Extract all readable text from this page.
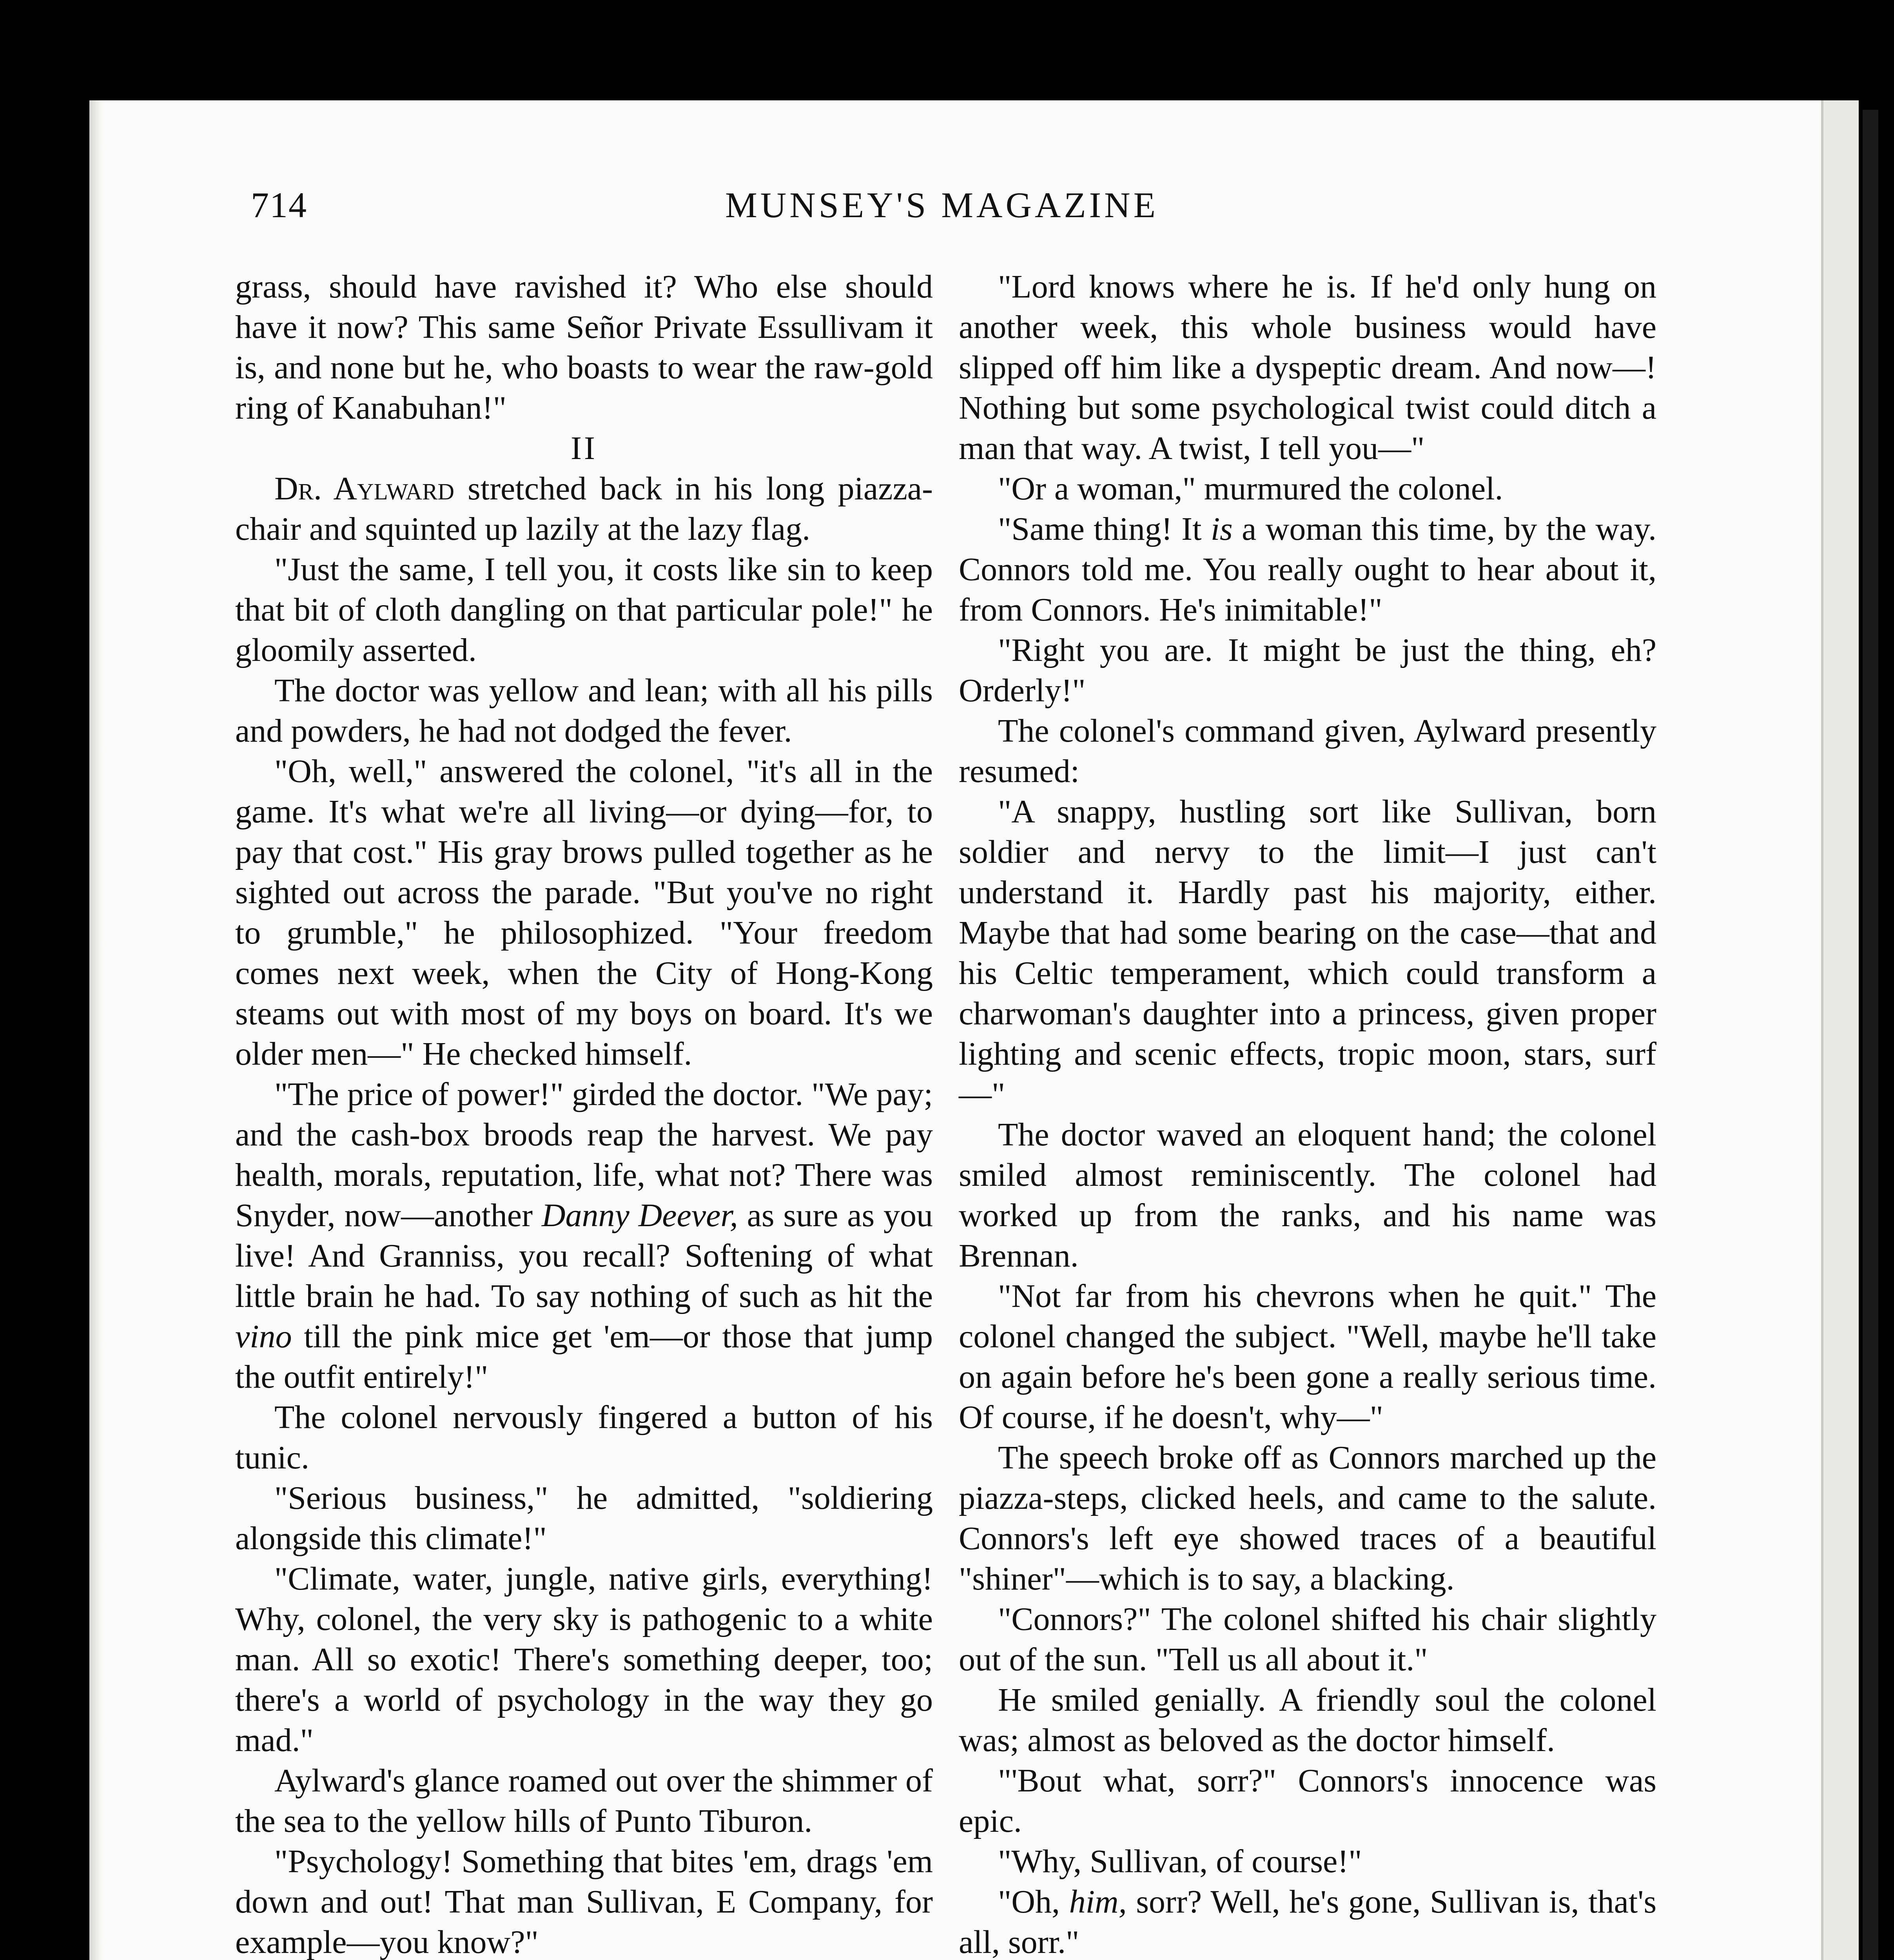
714	MUNSEY'S MAGAZINE

grass, should have ravished it? Who else should have it now? This same Señor Private Essullivam it is, and none but he, who boasts to wear the raw-gold ring of Kanabuhan!"

II

Dr. Aylward stretched back in his long piazza-chair and squinted up lazily at the lazy flag.

"Just the same, I tell you, it costs like sin to keep that bit of cloth dangling on that particular pole!" he gloomily asserted.

The doctor was yellow and lean; with all his pills and powders, he had not dodged the fever.

"Oh, well," answered the colonel, "it's all in the game. It's what we're all living—or dying—for, to pay that cost." His gray brows pulled together as he sighted out across the parade. "But you've no right to grumble," he philosophized. "Your freedom comes next week, when the City of Hong-Kong steams out with most of my boys on board. It's we older men—" He checked himself.

"The price of power!" girded the doctor. "We pay; and the cash-box broods reap the harvest. We pay health, morals, reputation, life, what not? There was Snyder, now—another Danny Deever, as sure as you live! And Granniss, you recall? Softening of what little brain he had. To say nothing of such as hit the vino till the pink mice get 'em—or those that jump the outfit entirely!"

The colonel nervously fingered a button of his tunic.

"Serious business," he admitted, "soldiering alongside this climate!"

"Climate, water, jungle, native girls, everything! Why, colonel, the very sky is pathogenic to a white man. All so exotic! There's something deeper, too; there's a world of psychology in the way they go mad."

Aylward's glance roamed out over the shimmer of the sea to the yellow hills of Punto Tiburon.

"Psychology! Something that bites 'em, drags 'em down and out! That man Sullivan, E Company, for example—you know?"

"Lord knows where he is. If he'd only hung on another week, this whole business would have slipped off him like a dyspeptic dream. And now—! Nothing but some psychological twist could ditch a man that way. A twist, I tell you—"

"Or a woman," murmured the colonel.

"Same thing! It is a woman this time, by the way. Connors told me. You really ought to hear about it, from Connors. He's inimitable!"

"Right you are. It might be just the thing, eh? Orderly!"

The colonel's command given, Aylward presently resumed:

"A snappy, hustling sort like Sullivan, born soldier and nervy to the limit—I just can't understand it. Hardly past his majority, either. Maybe that had some bearing on the case—that and his Celtic temperament, which could transform a charwoman's daughter into a princess, given proper lighting and scenic effects, tropic moon, stars, surf—"

The doctor waved an eloquent hand; the colonel smiled almost reminiscently. The colonel had worked up from the ranks, and his name was Brennan.

"Not far from his chevrons when he quit." The colonel changed the subject. "Well, maybe he'll take on again before he's been gone a really serious time. Of course, if he doesn't, why—"

The speech broke off as Connors marched up the piazza-steps, clicked heels, and came to the salute. Connors's left eye showed traces of a beautiful "shiner"—which is to say, a blacking.

"Connors?" The colonel shifted his chair slightly out of the sun. "Tell us all about it."

He smiled genially. A friendly soul the colonel was; almost as beloved as the doctor himself.

"'Bout what, sorr?" Connors's innocence was epic.

"Why, Sullivan, of course!"

"Oh, him, sorr? Well, he's gone, Sullivan is, that's all, sorr."
